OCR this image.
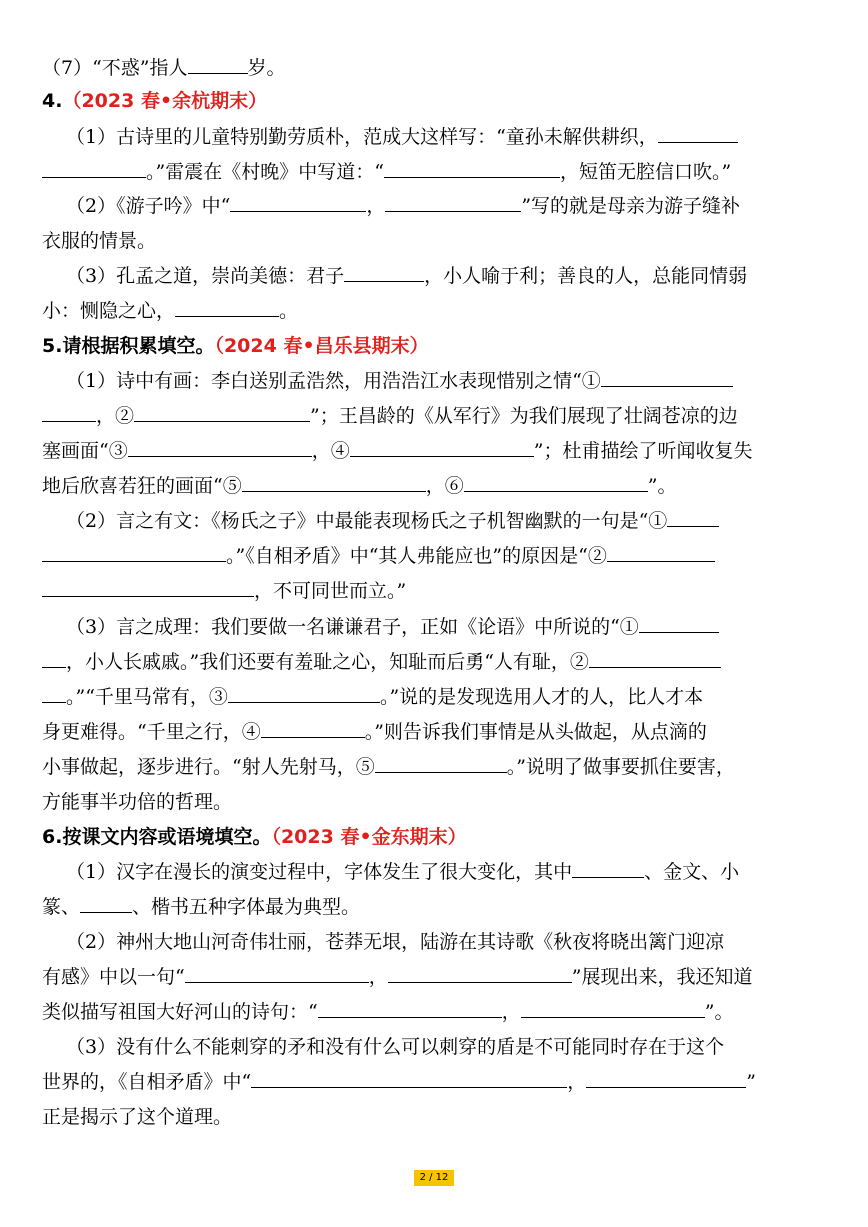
（7）“不惑”指人	岁。
4.（2023 春•余杭期末）
（1）古诗里的儿童特别勤劳质朴，范成大这样写：“童孙未解供耕织，
。”雷震在《村晚》中写道：“	，短笛无腔信口吹。”
（2）《游子吟》中“	，	”写的就是母亲为游子缝补
衣服的情景。
（3）孔孟之道，崇尚美德：君子	，小人喻于利；善良的人，总能同情弱
小：恻隐之心，	。
5.请根据积累填空。（2024 春•昌乐县期末）
（1）诗中有画：李白送别孟浩然，用浩浩江水表现惜别之情“①
，②	”；王昌龄的《从军行》为我们展现了壮阔苍凉的边
塞画面“③	，④	”；杜甫描绘了听闻收复失
地后欣喜若狂的画面“⑤	，⑥	”。
（2）言之有文：《杨氏之子》中最能表现杨氏之子机智幽默的一句是“①
。”《自相矛盾》中“其人弗能应也”的原因是“②
，不可同世而立。”
（3）言之成理：我们要做一名谦谦君子，正如《论语》中所说的“①
，小人长戚戚。”我们还要有羞耻之心，知耻而后勇“人有耻，②
。”“千里马常有，③	。”说的是发现选用人才的人，比人才本
身更难得。“千里之行，④	。”则告诉我们事情是从头做起，从点滴的
小事做起，逐步进行。“射人先射马，⑤	。”说明了做事要抓住要害，
方能事半功倍的哲理。
6.按课文内容或语境填空。（2023 春•金东期末）
（1）汉字在漫长的演变过程中，字体发生了很大变化，其中	、金文、小
篆、	、楷书五种字体最为典型。
（2）神州大地山河奇伟壮丽，苍莽无垠，陆游在其诗歌《秋夜将晓出篱门迎凉
有感》中以一句“	，	”展现出来，我还知道
类似描写祖国大好河山的诗句：“	，	”。
（3）没有什么不能刺穿的矛和没有什么可以刺穿的盾是不可能同时存在于这个
世界的，《自相矛盾》中“	，	”
正是揭示了这个道理。
2 / 12
